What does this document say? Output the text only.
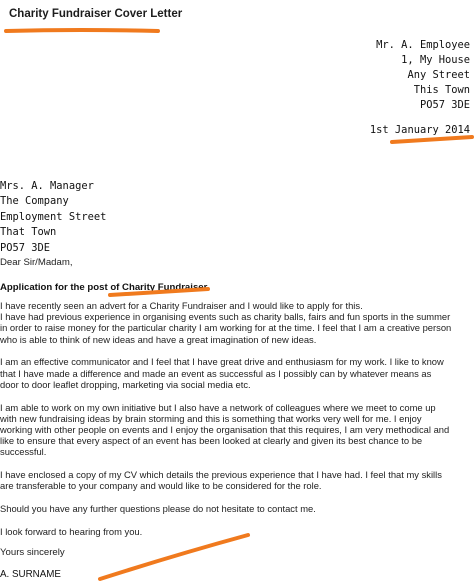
Charity Fundraiser Cover Letter
Mr. A. Employee
1, My House
Any Street
This Town
PO57 3DE
1st January 2014
Mrs. A. Manager
The Company
Employment Street
That Town
PO57 3DE
Dear Sir/Madam,
Application for the post of Charity Fundraiser
I have recently seen an advert for a Charity Fundraiser and I would like to apply for this.
I have had previous experience in organising events such as charity balls, fairs and fun sports in the summer
in order to raise money for the particular charity I am working for at the time. I feel that I am a creative person
who is able to think of new ideas and have a great imagination of new ideas.
I am an effective communicator and I feel that I have great drive and enthusiasm for my work. I like to know
that I have made a difference and made an event as successful as I possibly can by whatever means as
door to door leaflet dropping, marketing via social media etc.
I am able to work on my own initiative but I also have a network of colleagues where we meet to come up
with new fundraising ideas by brain storming and this is something that works very well for me. I enjoy
working with other people on events and I enjoy the organisation that this requires, I am very methodical and
like to ensure that every aspect of an event has been looked at clearly and given its best chance to be
successful.
I have enclosed a copy of my CV which details the previous experience that I have had. I feel that my skills
are transferable to your company and would like to be considered for the role.
Should you have any further questions please do not hesitate to contact me.
I look forward to hearing from you.
Yours sincerely
A. SURNAME
